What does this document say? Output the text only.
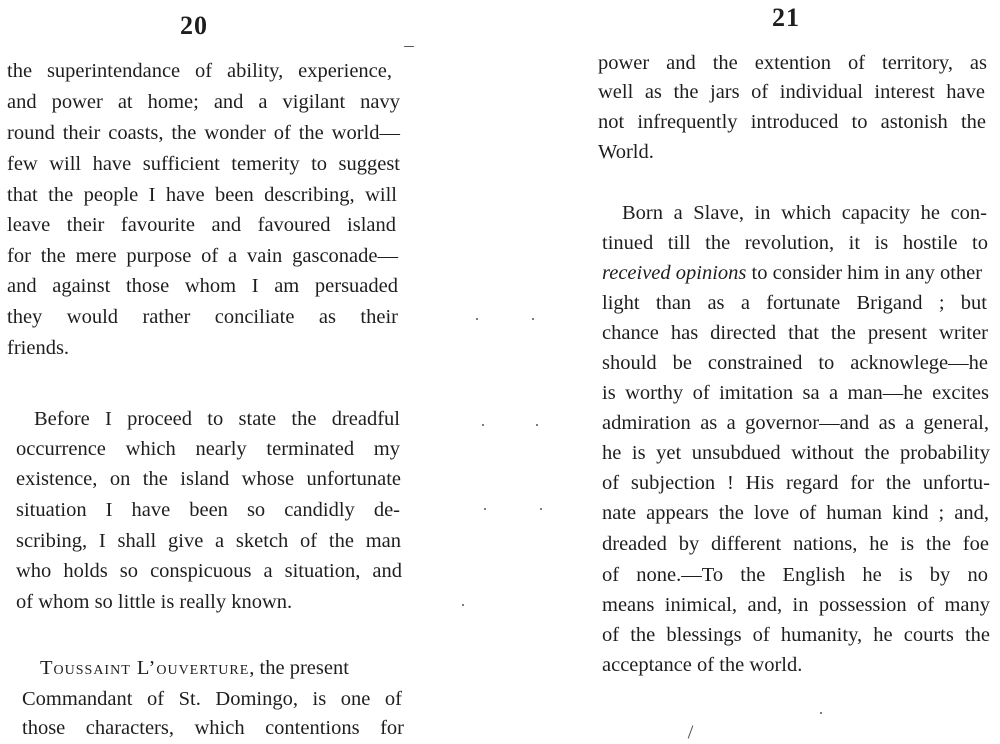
20
the superintendance of ability, experience,
and power at home; and a vigilant navy
round their coasts, the wonder of the world—
few will have sufficient temerity to suggest
that the people I have been describing, will
leave their favourite and favoured island
for the mere purpose of a vain gasconade—
and against those whom I am persuaded
they would rather conciliate as their
friends.
Before I proceed to state the dreadful
occurrence which nearly terminated my
existence, on the island whose unfortunate
situation I have been so candidly de-
scribing, I shall give a sketch of the man
who holds so conspicuous a situation, and
of whom so little is really known.
Toussaint L’ouverture, the present
Commandant of St. Domingo, is one of
those characters, which contentions for
21
power and the extention of territory, as
well as the jars of individual interest have
not infrequently introduced to astonish the
World.
Born a Slave, in which capacity he con-
tinued till the revolution, it is hostile to
received opinions to consider him in any other
light than as a fortunate Brigand ; but
chance has directed that the present writer
should be constrained to acknowlege—he
is worthy of imitation sa a man—he excites
admiration as a governor—and as a general,
he is yet unsubdued without the probability
of subjection ! His regard for the unfortu-
nate appears the love of human kind ; and,
dreaded by different nations, he is the foe
of none.—To the English he is by no
means inimical, and, in possession of many
of the blessings of humanity, he courts the
acceptance of the world.
